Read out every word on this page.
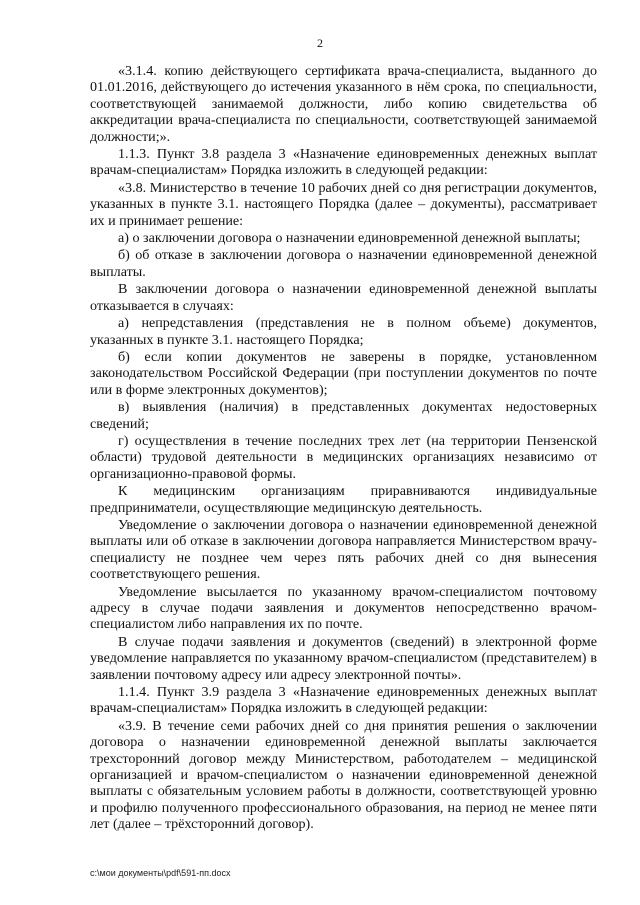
2

«3.1.4. копию действующего сертификата врача-специалиста, выданного до 01.01.2016, действующего до истечения указанного в нём срока, по специальности, соответствующей занимаемой должности, либо копию свидетельства об аккредитации врача-специалиста по специальности, соответствующей занимаемой должности;».

1.1.3. Пункт 3.8 раздела 3 «Назначение единовременных денежных выплат врачам-специалистам» Порядка изложить в следующей редакции:

«3.8. Министерство в течение 10 рабочих дней со дня регистрации документов, указанных в пункте 3.1. настоящего Порядка (далее – документы), рассматривает их и принимает решение:

а) о заключении договора о назначении единовременной денежной выплаты;

б) об отказе в заключении договора о назначении единовременной денежной выплаты.

В заключении договора о назначении единовременной денежной выплаты отказывается в случаях:

а) непредставления (представления не в полном объеме) документов, указанных в пункте 3.1. настоящего Порядка;

б) если копии документов не заверены в порядке, установленном законодательством Российской Федерации (при поступлении документов по почте или в форме электронных документов);

в) выявления (наличия) в представленных документах недостоверных сведений;

г) осуществления в течение последних трех лет (на территории Пензенской области) трудовой деятельности в медицинских организациях независимо от организационно-правовой формы.

К медицинским организациям приравниваются индивидуальные предприниматели, осуществляющие медицинскую деятельность.

Уведомление о заключении договора о назначении единовременной денежной выплаты или об отказе в заключении договора направляется Министерством врачу-специалисту не позднее чем через пять рабочих дней со дня вынесения соответствующего решения.

Уведомление высылается по указанному врачом-специалистом почтовому адресу в случае подачи заявления и документов непосредственно врачом-специалистом либо направления их по почте.

В случае подачи заявления и документов (сведений) в электронной форме уведомление направляется по указанному врачом-специалистом (представителем) в заявлении почтовому адресу или адресу электронной почты».

1.1.4. Пункт 3.9 раздела 3 «Назначение единовременных денежных выплат врачам-специалистам» Порядка изложить в следующей редакции:

«3.9. В течение семи рабочих дней со дня принятия решения о заключении договора о назначении единовременной денежной выплаты заключается трехсторонний договор между Министерством, работодателем – медицинской организацией и врачом-специалистом о назначении единовременной денежной выплаты с обязательным условием работы в должности, соответствующей уровню и профилю полученного профессионального образования, на период не менее пяти лет (далее – трёхсторонний договор).

c:\мои документы\pdf\591-пп.docx
